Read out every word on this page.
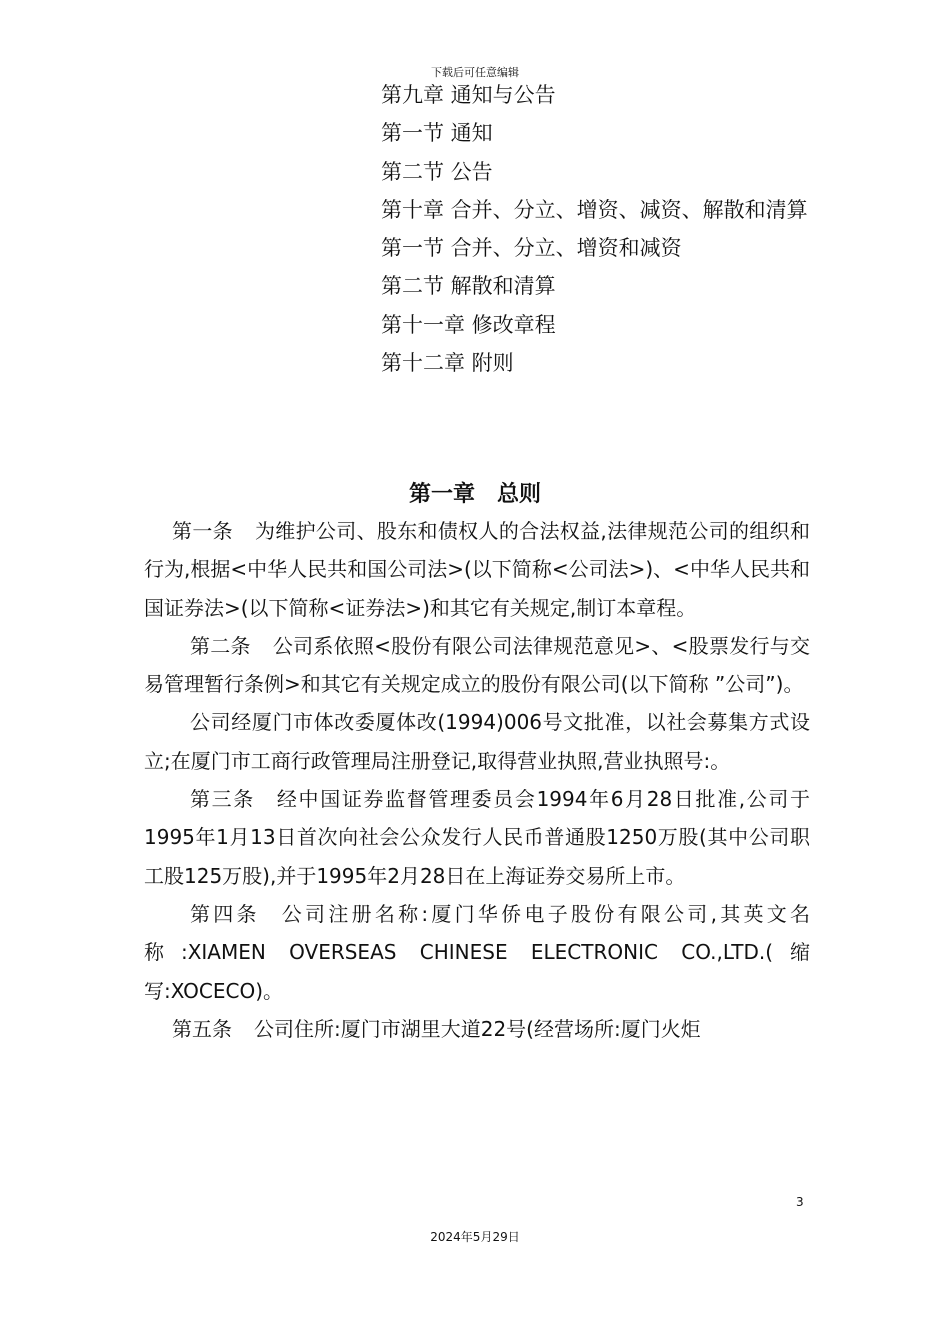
下载后可任意编辑
第九章 通知与公告
第一节 通知
第二节 公告
第十章 合并、分立、增资、减资、解散和清算
第一节 合并、分立、增资和减资
第二节 解散和清算
第十一章 修改章程
第十二章 附则
第一章　总则

第一条 为维护公司、股东和债权人的合法权益,法律规范公司的组织和行为,根据<中华人民共和国公司法>(以下简称<公司法>)、<中华人民共和国证券法>(以下简称<证券法>)和其它有关规定,制订本章程。

第二条 公司系依照<股份有限公司法律规范意见>、<股票发行与交易管理暂行条例>和其它有关规定成立的股份有限公司(以下简称 ”公司”)。

公司经厦门市体改委厦体改(1994)006号文批准，以社会募集方式设立;在厦门市工商行政管理局注册登记,取得营业执照,营业执照号:。

第三条 经中国证券监督管理委员会1994年6月28日批准,公司于1995年1月13日首次向社会公众发行人民币普通股1250万股(其中公司职工股125万股),并于1995年2月28日在上海证券交易所上市。

第四条 公司注册名称:厦门华侨电子股份有限公司,其英文名称:XIAMEN OVERSEAS CHINESE ELECTRONIC CO.,LTD.(缩写:XOCECO)。

第五条 公司住所:厦门市湖里大道22号(经营场所:厦门火炬

3
2024年5月29日
